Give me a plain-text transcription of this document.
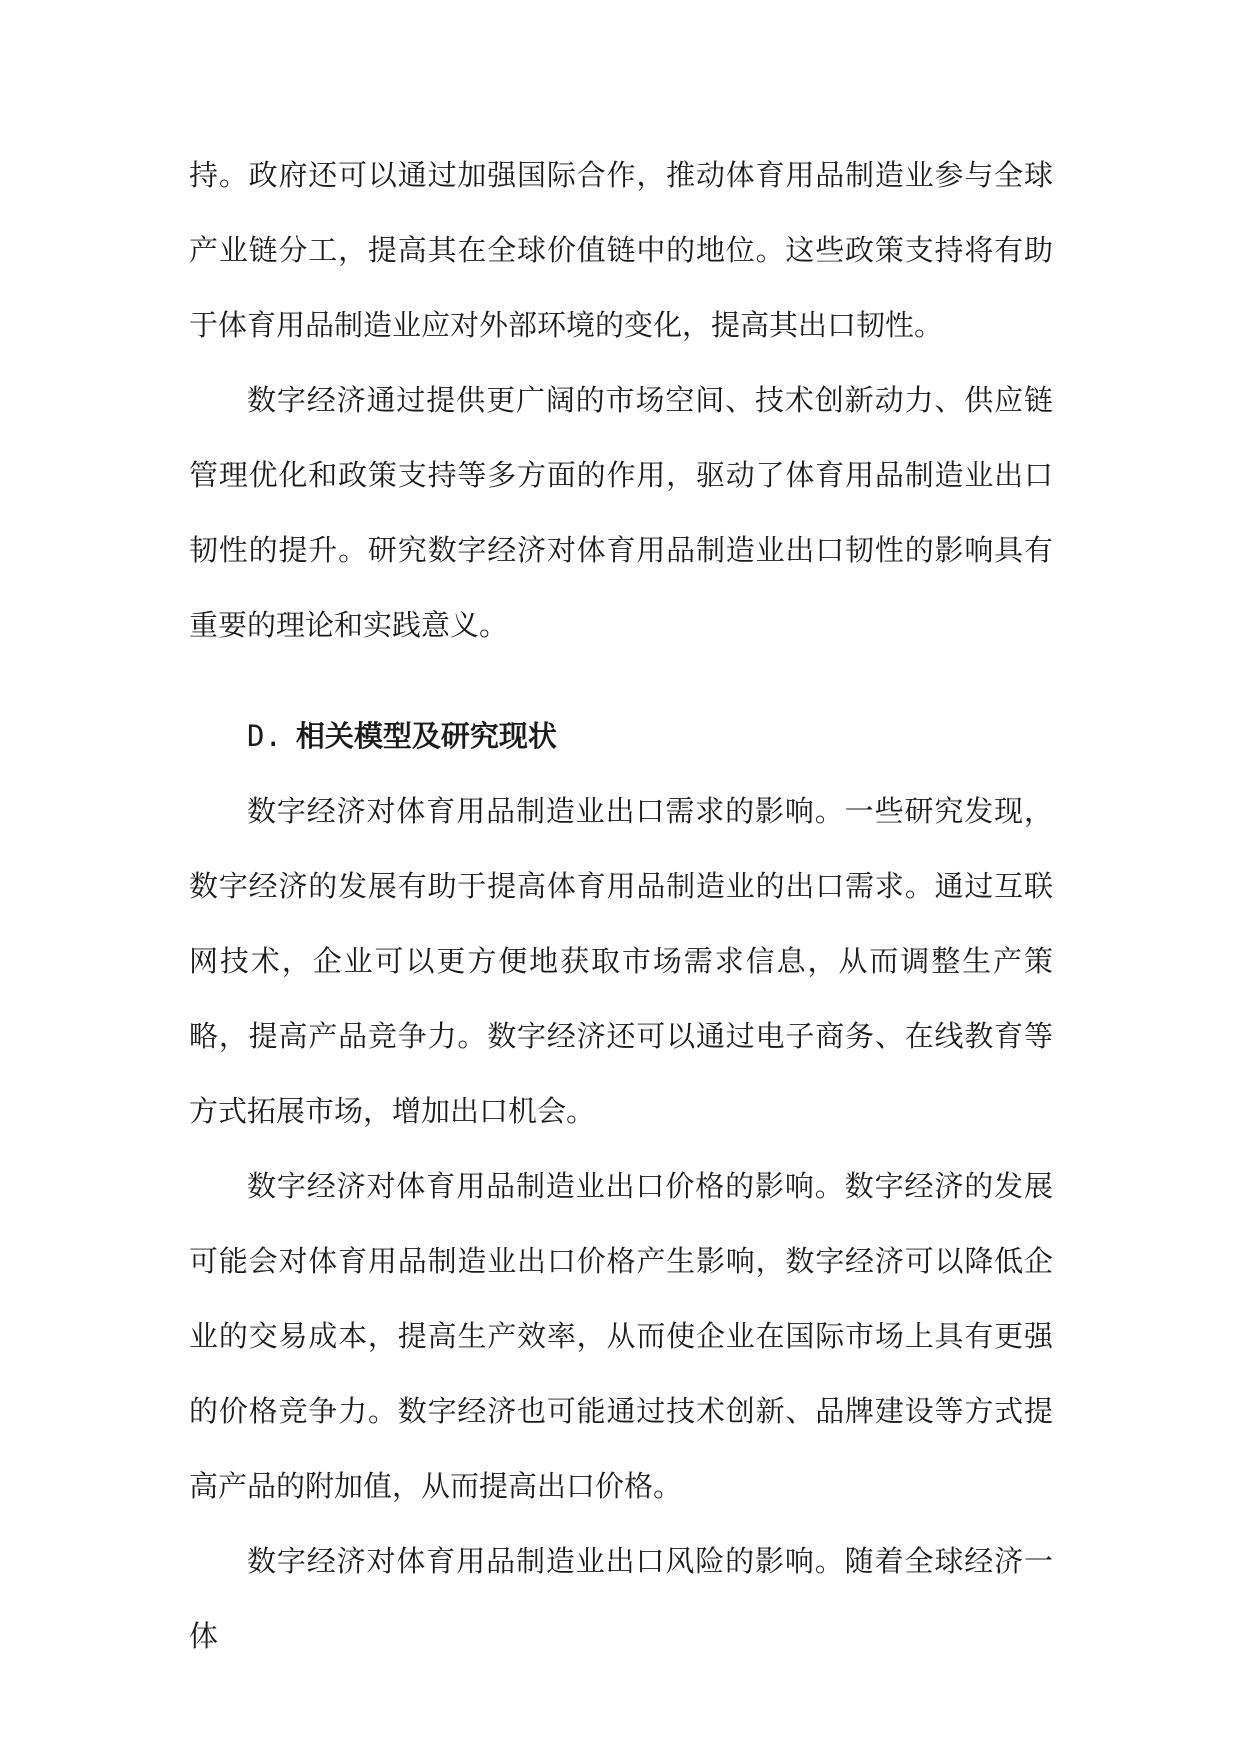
持。政府还可以通过加强国际合作，推动体育用品制造业参与全球产业链分工，提高其在全球价值链中的地位。这些政策支持将有助于体育用品制造业应对外部环境的变化，提高其出口韧性。

数字经济通过提供更广阔的市场空间、技术创新动力、供应链管理优化和政策支持等多方面的作用，驱动了体育用品制造业出口韧性的提升。研究数字经济对体育用品制造业出口韧性的影响具有重要的理论和实践意义。

D. 相关模型及研究现状

数字经济对体育用品制造业出口需求的影响。一些研究发现，数字经济的发展有助于提高体育用品制造业的出口需求。通过互联网技术，企业可以更方便地获取市场需求信息，从而调整生产策略，提高产品竞争力。数字经济还可以通过电子商务、在线教育等方式拓展市场，增加出口机会。

数字经济对体育用品制造业出口价格的影响。数字经济的发展可能会对体育用品制造业出口价格产生影响，数字经济可以降低企业的交易成本，提高生产效率，从而使企业在国际市场上具有更强的价格竞争力。数字经济也可能通过技术创新、品牌建设等方式提高产品的附加值，从而提高出口价格。

数字经济对体育用品制造业出口风险的影响。随着全球经济一体
